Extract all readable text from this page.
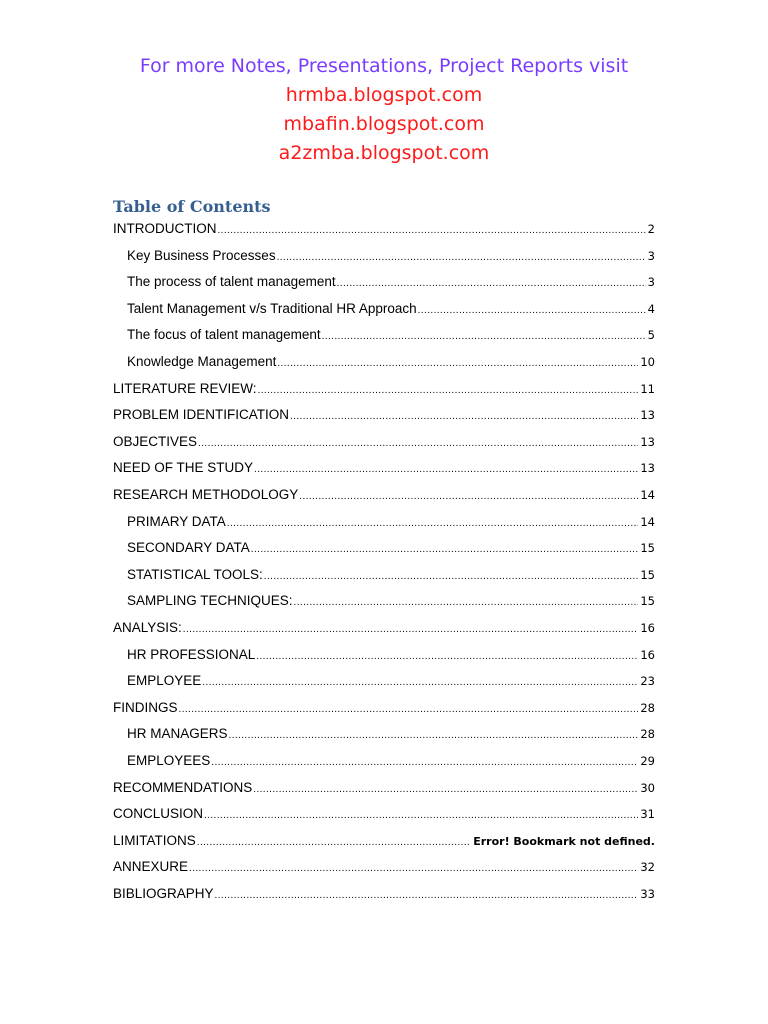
For more Notes, Presentations, Project Reports visit
hrmba.blogspot.com
mbafin.blogspot.com
a2zmba.blogspot.com
Table of Contents
INTRODUCTION .....	2
Key Business Processes .....	3
The process of talent management .....	3
Talent Management v/s Traditional HR Approach .....	4
The focus of talent management .....	5
Knowledge Management .....	10
LITERATURE REVIEW: .....	11
PROBLEM IDENTIFICATION .....	13
OBJECTIVES .....	13
NEED OF THE STUDY .....	13
RESEARCH METHODOLOGY .....	14
PRIMARY DATA .....	14
SECONDARY DATA .....	15
STATISTICAL TOOLS: .....	15
SAMPLING TECHNIQUES: .....	15
ANALYSIS: .....	16
HR PROFESSIONAL .....	16
EMPLOYEE .....	23
FINDINGS .....	28
HR MANAGERS .....	28
EMPLOYEES .....	29
RECOMMENDATIONS .....	30
CONCLUSION .....	31
LIMITATIONS .....	Error! Bookmark not defined.
ANNEXURE .....	32
BIBLIOGRAPHY .....	33
